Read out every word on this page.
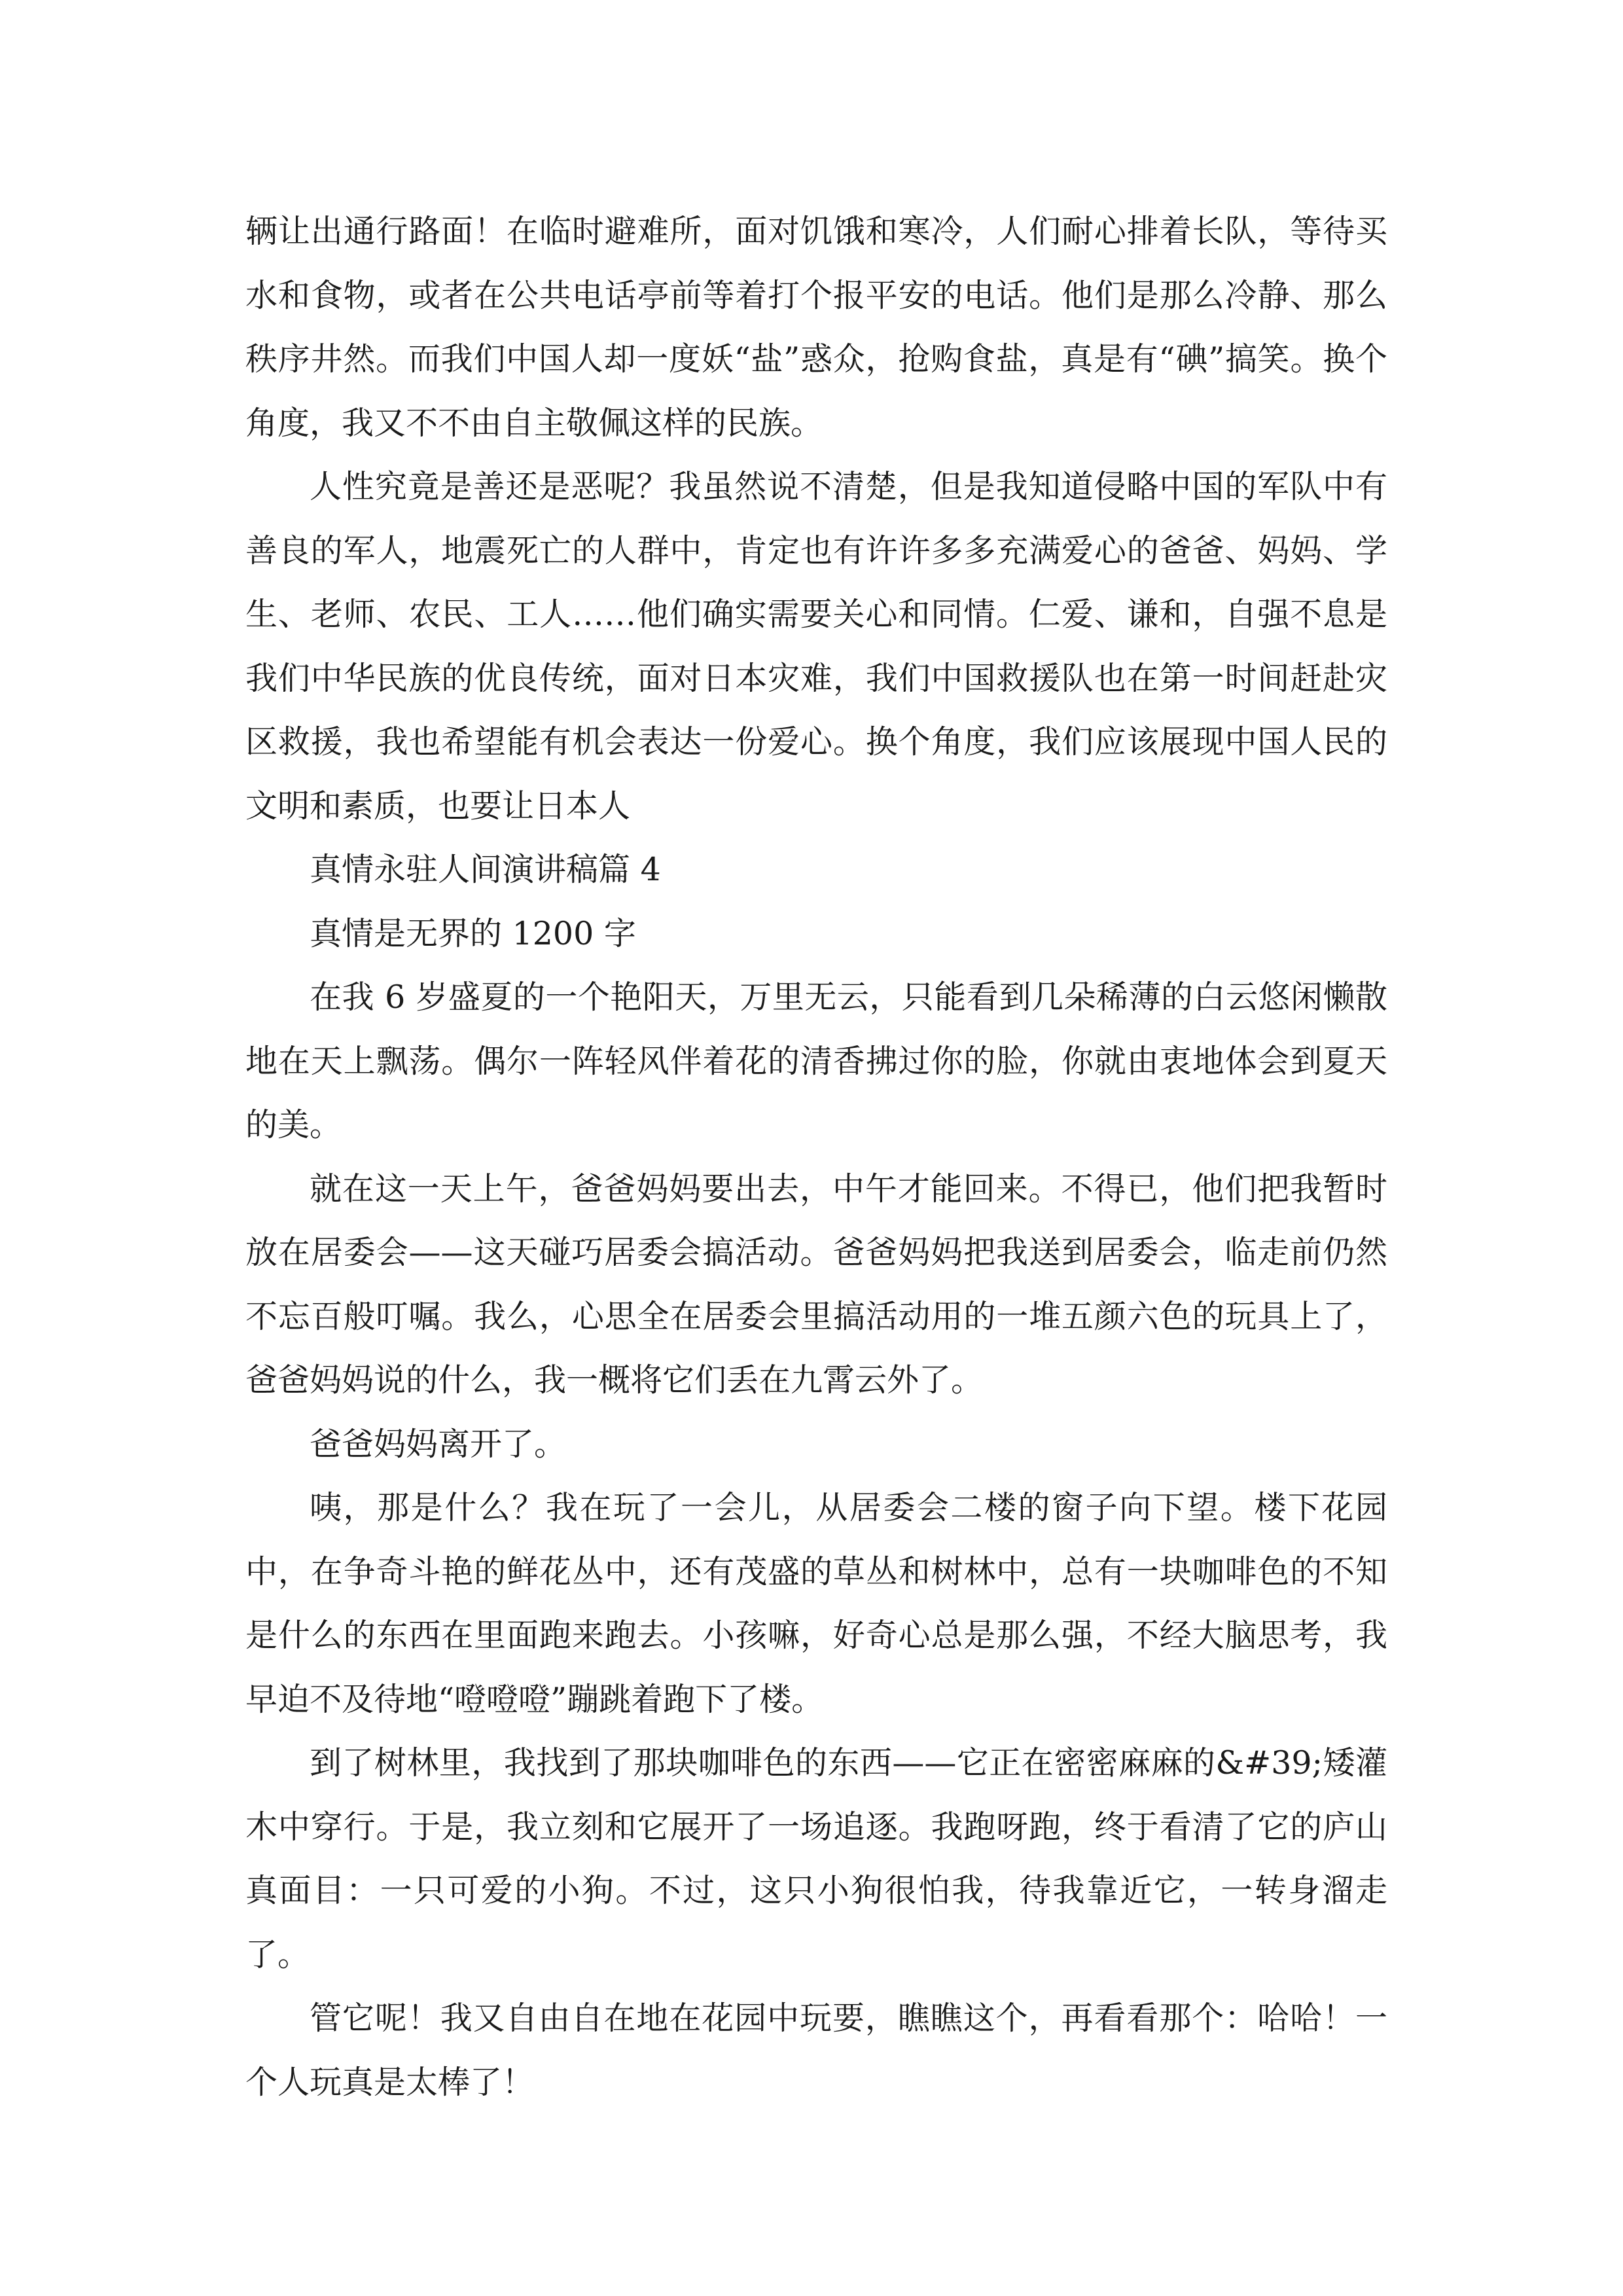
辆让出通行路面！在临时避难所，面对饥饿和寒冷，人们耐心排着长队，等待买水和食物，或者在公共电话亭前等着打个报平安的电话。他们是那么冷静、那么秩序井然。而我们中国人却一度妖“盐”惑众，抢购食盐，真是有“碘”搞笑。换个角度，我又不不由自主敬佩这样的民族。

人性究竟是善还是恶呢？我虽然说不清楚，但是我知道侵略中国的军队中有善良的军人，地震死亡的人群中，肯定也有许许多多充满爱心的爸爸、妈妈、学生、老师、农民、工人……他们确实需要关心和同情。仁爱、谦和，自强不息是我们中华民族的优良传统，面对日本灾难，我们中国救援队也在第一时间赶赴灾区救援，我也希望能有机会表达一份爱心。换个角度，我们应该展现中国人民的文明和素质，也要让日本人

真情永驻人间演讲稿篇 4

真情是无界的 1200 字

在我 6 岁盛夏的一个艳阳天，万里无云，只能看到几朵稀薄的白云悠闲懒散地在天上飘荡。偶尔一阵轻风伴着花的清香拂过你的脸，你就由衷地体会到夏天的美。

就在这一天上午，爸爸妈妈要出去，中午才能回来。不得已，他们把我暂时放在居委会——这天碰巧居委会搞活动。爸爸妈妈把我送到居委会，临走前仍然不忘百般叮嘱。我么，心思全在居委会里搞活动用的一堆五颜六色的玩具上了，爸爸妈妈说的什么，我一概将它们丢在九霄云外了。

爸爸妈妈离开了。

咦，那是什么？我在玩了一会儿，从居委会二楼的窗子向下望。楼下花园中，在争奇斗艳的鲜花丛中，还有茂盛的草丛和树林中，总有一块咖啡色的不知是什么的东西在里面跑来跑去。小孩嘛，好奇心总是那么强，不经大脑思考，我早迫不及待地“噔噔噔”蹦跳着跑下了楼。

到了树林里，我找到了那块咖啡色的东西——它正在密密麻麻的&#39;矮灌木中穿行。于是，我立刻和它展开了一场追逐。我跑呀跑，终于看清了它的庐山真面目：一只可爱的小狗。不过，这只小狗很怕我，待我靠近它，一转身溜走了。

管它呢！我又自由自在地在花园中玩要，瞧瞧这个，再看看那个：哈哈！一个人玩真是太棒了！
